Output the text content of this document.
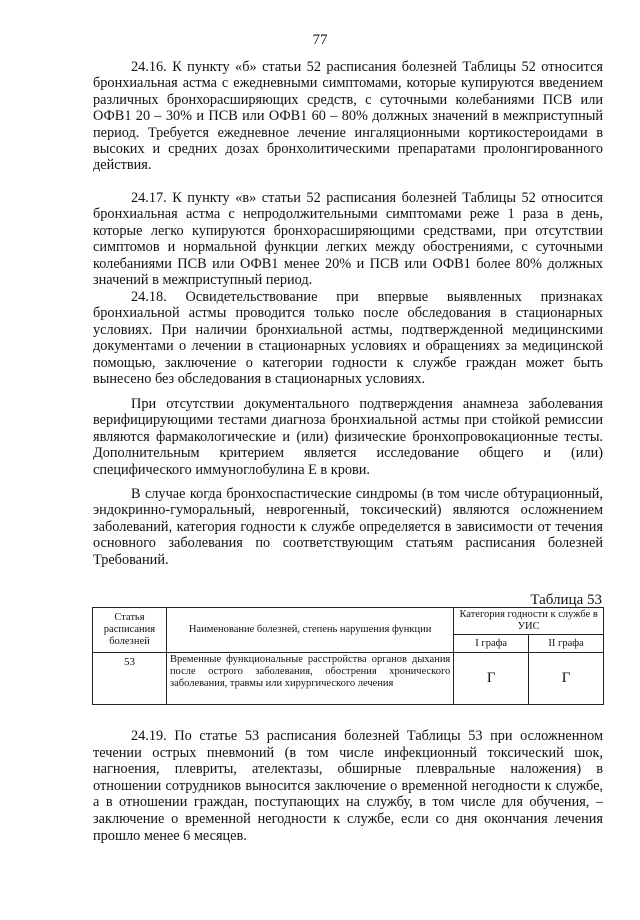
77

24.16. К пункту «б» статьи 52 расписания болезней Таблицы 52 относится бронхиальная астма с ежедневными симптомами, которые купируются введением различных бронхорасширяющих средств, с суточными колебаниями ПСВ или ОФВ1 20 – 30% и ПСВ или ОФВ1 60 – 80% должных значений в межприступный период. Требуется ежедневное лечение ингаляционными кортикостероидами в высоких и средних дозах бронхолитическими препаратами пролонгированного действия.

24.17. К пункту «в» статьи 52 расписания болезней Таблицы 52 относится бронхиальная астма с непродолжительными симптомами реже 1 раза в день, которые легко купируются бронхорасширяющими средствами, при отсутствии симптомов и нормальной функции легких между обострениями, с суточными колебаниями ПСВ или ОФВ1 менее 20% и ПСВ или ОФВ1 более 80% должных значений в межприступный период.

24.18. Освидетельствование при впервые выявленных признаках бронхиальной астмы проводится только после обследования в стационарных условиях. При наличии бронхиальной астмы, подтвержденной медицинскими документами о лечении в стационарных условиях и обращениях за медицинской помощью, заключение о категории годности к службе граждан может быть вынесено без обследования в стационарных условиях.

При отсутствии документального подтверждения анамнеза заболевания верифицирующими тестами диагноза бронхиальной астмы при стойкой ремиссии являются фармакологические и (или) физические бронхопровокационные тесты. Дополнительным критерием является исследование общего и (или) специфического иммуноглобулина Е в крови.

В случае когда бронхоспастические синдромы (в том числе обтурационный, эндокринно-гуморальный, неврогенный, токсический) являются осложнением заболеваний, категория годности к службе определяется в зависимости от течения основного заболевания по соответствующим статьям расписания болезней Требований.

Таблица 53
Статья расписания болезней	Наименование болезней, степень нарушения функции	Категория годности к службе в УИС	
		I графа	II графа
53	Временные функциональные расстройства органов дыхания после острого заболевания, обострения хронического заболевания, травмы или хирургического лечения	Г	Г

24.19. По статье 53 расписания болезней Таблицы 53 при осложненном течении острых пневмоний (в том числе инфекционный токсический шок, нагноения, плевриты, ателектазы, обширные плевральные наложения) в отношении сотрудников выносится заключение о временной негодности к службе, а в отношении граждан, поступающих на службу, в том числе для обучения, – заключение о временной негодности к службе, если со дня окончания лечения прошло менее 6 месяцев.
